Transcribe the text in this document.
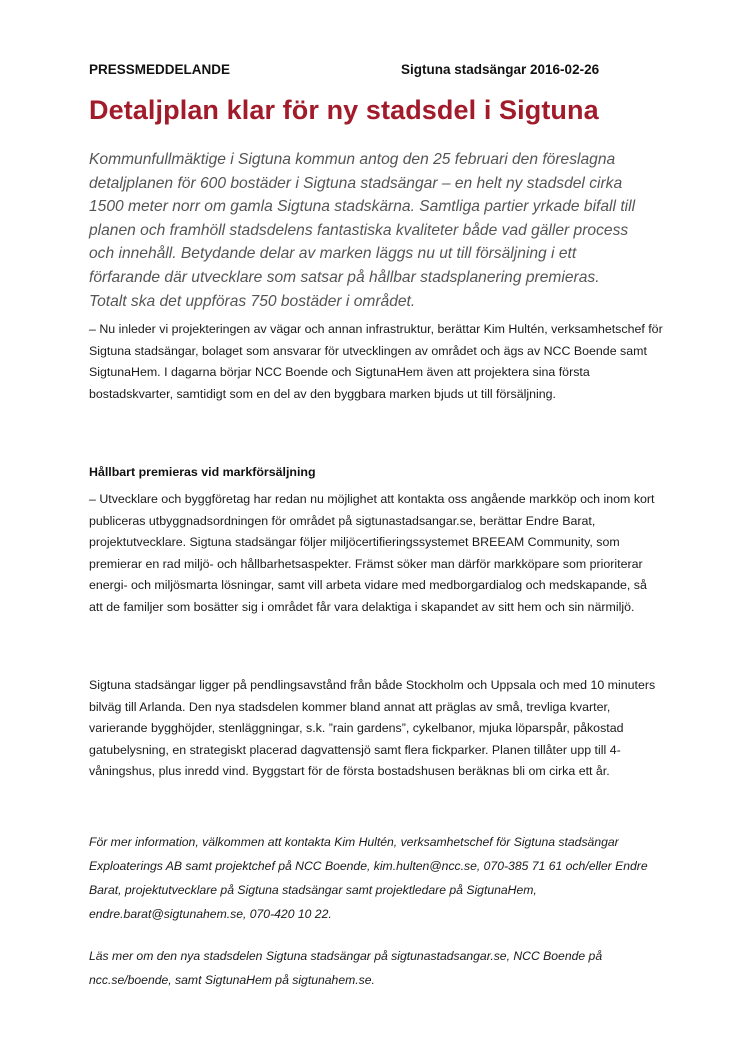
PRESSMEDDELANDE	Sigtuna stadsängar 2016-02-26
Detaljplan klar för ny stadsdel i Sigtuna

Kommunfullmäktige i Sigtuna kommun antog den 25 februari den föreslagna detaljplanen för 600 bostäder i Sigtuna stadsängar – en helt ny stadsdel cirka 1500 meter norr om gamla Sigtuna stadskärna. Samtliga partier yrkade bifall till planen och framhöll stadsdelens fantastiska kvaliteter både vad gäller process och innehåll. Betydande delar av marken läggs nu ut till försäljning i ett förfarande där utvecklare som satsar på hållbar stadsplanering premieras. Totalt ska det uppföras 750 bostäder i området.

– Nu inleder vi projekteringen av vägar och annan infrastruktur, berättar Kim Hultén, verksamhetschef för Sigtuna stadsängar, bolaget som ansvarar för utvecklingen av området och ägs av NCC Boende samt SigtunaHem. I dagarna börjar NCC Boende och SigtunaHem även att projektera sina första bostadskvarter, samtidigt som en del av den byggbara marken bjuds ut till försäljning.

Hållbart premieras vid markförsäljning

– Utvecklare och byggföretag har redan nu möjlighet att kontakta oss angående markköp och inom kort publiceras utbyggnadsordningen för området på sigtunastadsangar.se, berättar Endre Barat, projektutvecklare. Sigtuna stadsängar följer miljöcertifieringssystemet BREEAM Community, som premierar en rad miljö- och hållbarhetsaspekter. Främst söker man därför markköpare som prioriterar energi- och miljösmarta lösningar, samt vill arbeta vidare med medborgardialog och medskapande, så att de familjer som bosätter sig i området får vara delaktiga i skapandet av sitt hem och sin närmiljö.

Sigtuna stadsängar ligger på pendlingsavstånd från både Stockholm och Uppsala och med 10 minuters bilväg till Arlanda. Den nya stadsdelen kommer bland annat att präglas av små, trevliga kvarter, varierande bygghöjder, stenläggningar, s.k. ”rain gardens”, cykelbanor, mjuka löparspår, påkostad gatubelysning, en strategiskt placerad dagvattensjö samt flera fickparker. Planen tillåter upp till 4-våningshus, plus inredd vind. Byggstart för de första bostadshusen beräknas bli om cirka ett år.

För mer information, välkommen att kontakta Kim Hultén, verksamhetschef för Sigtuna stadsängar Exploaterings AB samt projektchef på NCC Boende, kim.hulten@ncc.se, 070-385 71 61 och/eller Endre Barat, projektutvecklare på Sigtuna stadsängar samt projektledare på SigtunaHem, endre.barat@sigtunahem.se, 070-420 10 22.

Läs mer om den nya stadsdelen Sigtuna stadsängar på sigtunastadsangar.se, NCC Boende på ncc.se/boende, samt SigtunaHem på sigtunahem.se.
